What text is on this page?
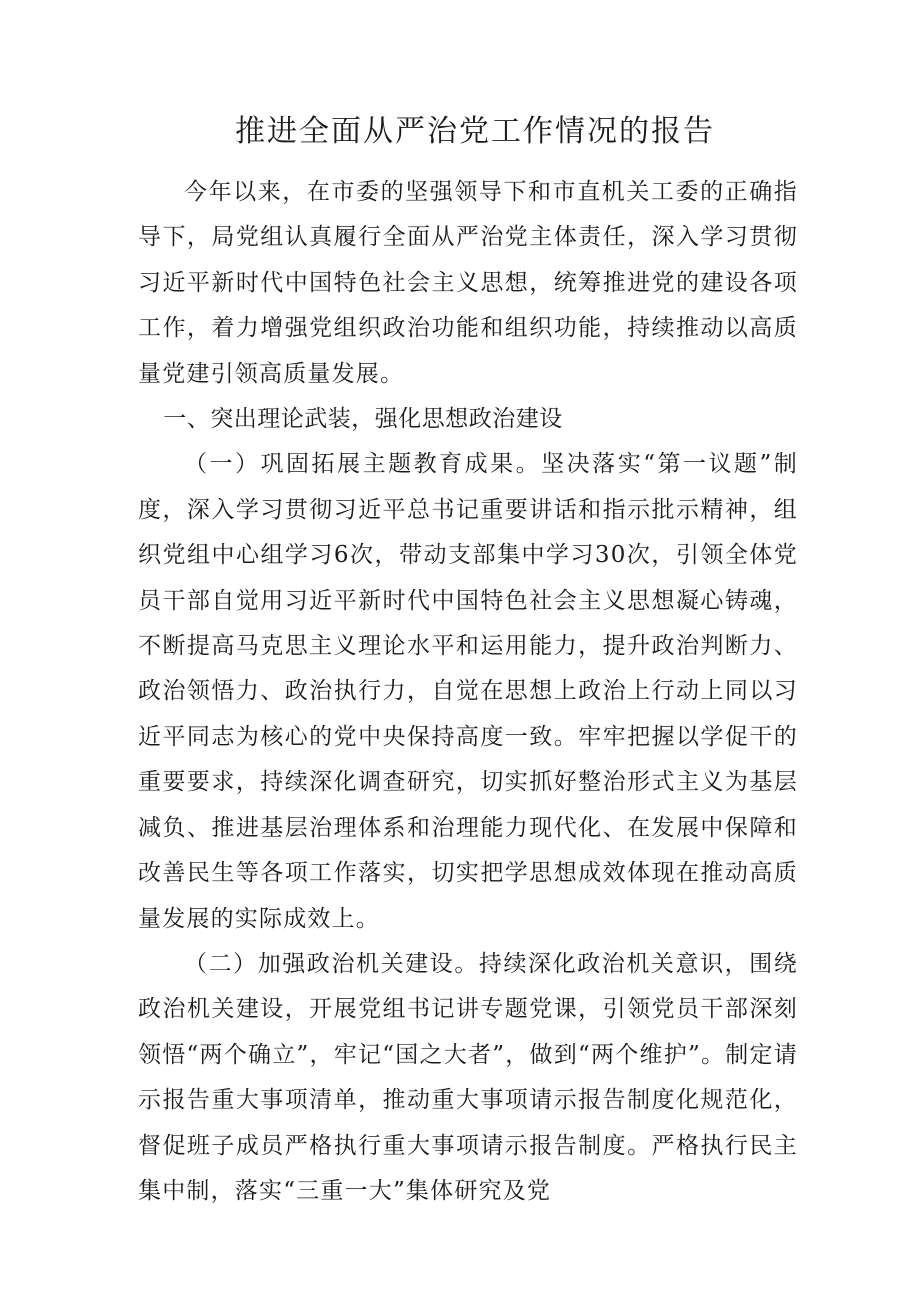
推进全面从严治党工作情况的报告

今年以来，在市委的坚强领导下和市直机关工委的正确指导下，局党组认真履行全面从严治党主体责任，深入学习贯彻习近平新时代中国特色社会主义思想，统筹推进党的建设各项工作，着力增强党组织政治功能和组织功能，持续推动以高质量党建引领高质量发展。

一、突出理论武装，强化思想政治建设

（一）巩固拓展主题教育成果。坚决落实“第一议题”制度，深入学习贯彻习近平总书记重要讲话和指示批示精神，组织党组中心组学习6次，带动支部集中学习30次，引领全体党员干部自觉用习近平新时代中国特色社会主义思想凝心铸魂，不断提高马克思主义理论水平和运用能力，提升政治判断力、政治领悟力、政治执行力，自觉在思想上政治上行动上同以习近平同志为核心的党中央保持高度一致。牢牢把握以学促干的重要要求，持续深化调查研究，切实抓好整治形式主义为基层减负、推进基层治理体系和治理能力现代化、在发展中保障和改善民生等各项工作落实，切实把学思想成效体现在推动高质量发展的实际成效上。

（二）加强政治机关建设。持续深化政治机关意识，围绕政治机关建设，开展党组书记讲专题党课，引领党员干部深刻领悟“两个确立”，牢记“国之大者”，做到“两个维护”。制定请示报告重大事项清单，推动重大事项请示报告制度化规范化，督促班子成员严格执行重大事项请示报告制度。严格执行民主集中制，落实“三重一大”集体研究及党
